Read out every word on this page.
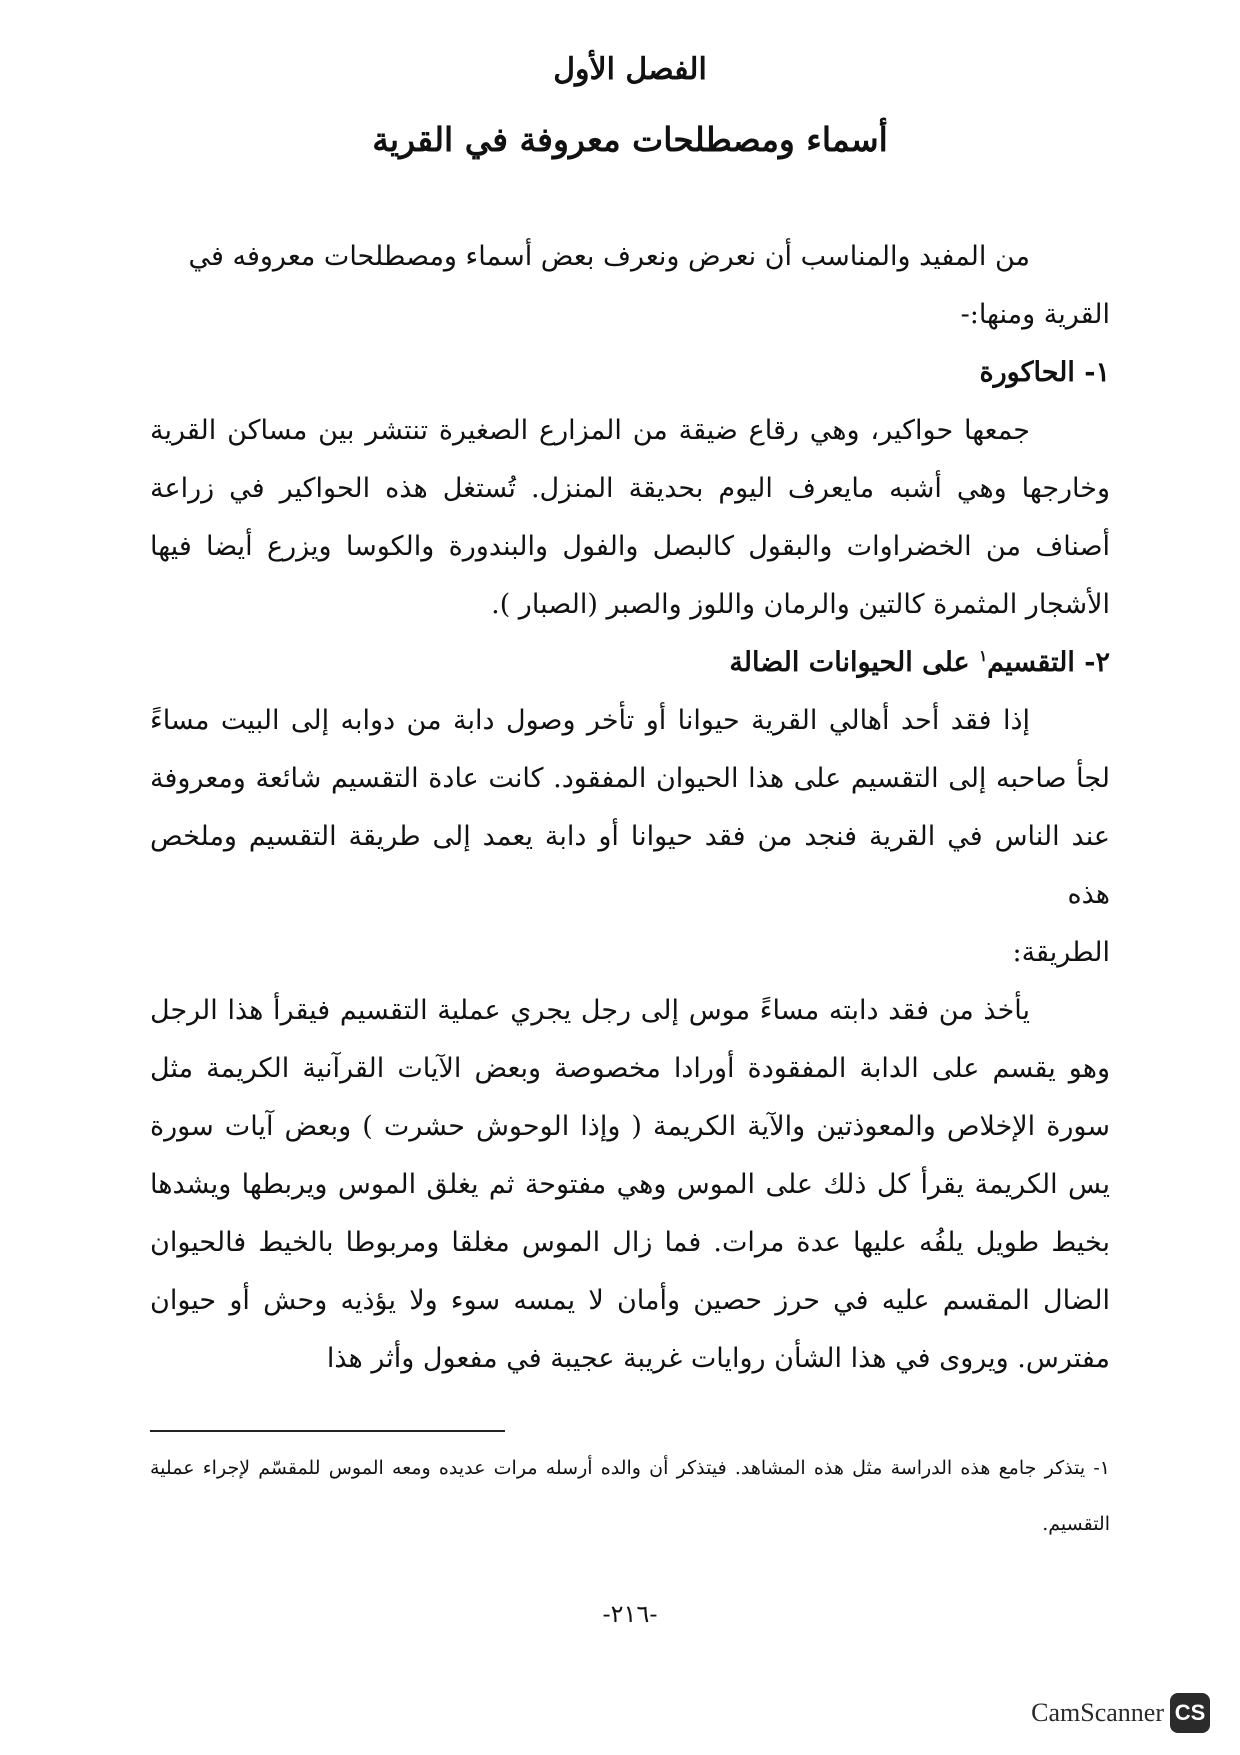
الفصل الأول
أسماء ومصطلحات معروفة في القرية

من المفيد والمناسب أن نعرض ونعرف بعض أسماء ومصطلحات معروفه في

القرية ومنها:-

١- الحاكورة

جمعها حواكير، وهي رقاع ضيقة من المزارع الصغيرة تنتشر بين مساكن القرية وخارجها وهي أشبه مايعرف اليوم بحديقة المنزل. تُستغل هذه الحواكير في زراعة أصناف من الخضراوات والبقول كالبصل والفول والبندورة والكوسا ويزرع أيضا فيها الأشجار المثمرة كالتين والرمان واللوز والصبر (الصبار ).

٢- التقسيم$^١$ على الحيوانات الضالة

إذا فقد أحد أهالي القرية حيوانا أو تأخر وصول دابة من دوابه إلى البيت مساءً لجأ صاحبه إلى التقسيم على هذا الحيوان المفقود. كانت عادة التقسيم شائعة ومعروفة عند الناس في القرية فنجد من فقد حيوانا أو دابة يعمد إلى طريقة التقسيم وملخص هذه

الطريقة:

يأخذ من فقد دابته مساءً موس إلى رجل يجري عملية التقسيم فيقرأ هذا الرجل وهو يقسم على الدابة المفقودة أورادا مخصوصة وبعض الآيات القرآنية الكريمة مثل سورة الإخلاص والمعوذتين والآية الكريمة ( وإذا الوحوش حشرت ) وبعض آيات سورة يس الكريمة يقرأ كل ذلك على الموس وهي مفتوحة ثم يغلق الموس ويربطها ويشدها بخيط طويل يلفُه عليها عدة مرات. فما زال الموس مغلقا ومربوطا بالخيط فالحيوان الضال المقسم عليه في حرز حصين وأمان لا يمسه سوء ولا يؤذيه وحش أو حيوان مفترس. ويروى في هذا الشأن روايات غريبة عجيبة في مفعول وأثر هذا

١- يتذكر جامع هذه الدراسة مثل هذه المشاهد. فيتذكر أن والده أرسله مرات عديده ومعه الموس للمقسّم لإجراء عملية التقسيم.

-٢١٦-

CS
CamScanner
